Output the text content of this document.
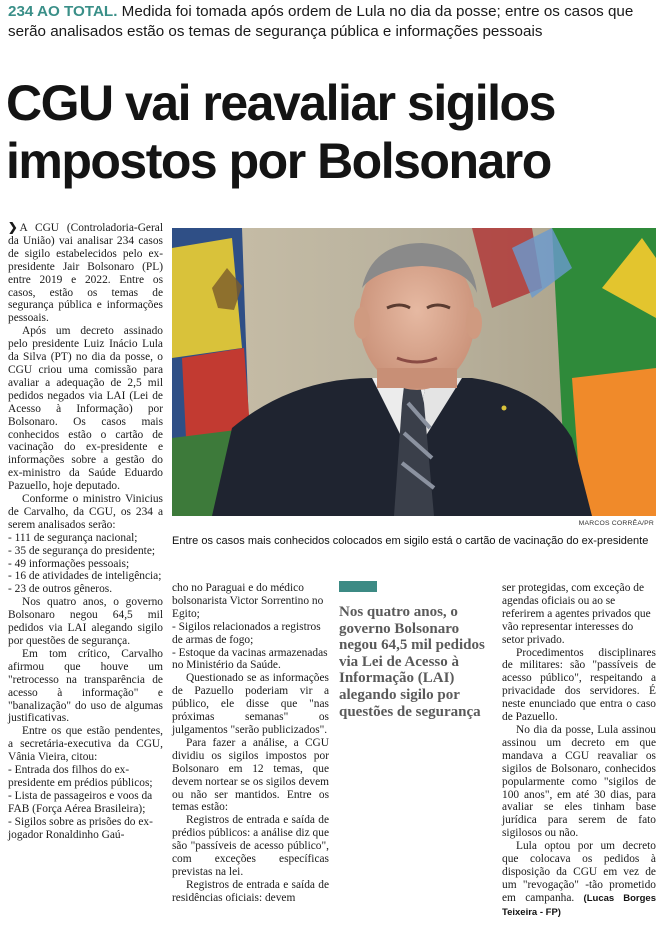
234 AO TOTAL. Medida foi tomada após ordem de Lula no dia da posse; entre os casos que serão analisados estão os temas de segurança pública e informações pessoais
CGU vai reavaliar sigilos
impostos por Bolsonaro

❯ A CGU (Controladoria-Geral da União) vai analisar 234 casos de sigilo estabelecidos pelo ex-presidente Jair Bolsonaro (PL) entre 2019 e 2022. Entre os casos, estão os temas de segurança pública e informações pessoais.

Após um decreto assinado pelo presidente Luiz Inácio Lula da Silva (PT) no dia da posse, o CGU criou uma comissão para avaliar a adequação de 2,5 mil pedidos negados via LAI (Lei de Acesso à Informação) por Bolsonaro. Os casos mais conhecidos estão o cartão de vacinação do ex-presidente e informações sobre a gestão do ex-ministro da Saúde Eduardo Pazuello, hoje deputado.

Conforme o ministro Vinicius de Carvalho, da CGU, os 234 a serem analisados serão:

- 111 de segurança nacional;

- 35 de segurança do presidente;

- 49 informações pessoais;

- 16 de atividades de inteligência;

- 23 de outros gêneros.

Nos quatro anos, o governo Bolsonaro negou 64,5 mil pedidos via LAI alegando sigilo por questões de segurança.

Em tom crítico, Carvalho afirmou que houve um "retrocesso na transparência de acesso à informação" e "banalização" do uso de algumas justificativas.

Entre os que estão pendentes, a secretária-executiva da CGU, Vânia Vieira, citou:

- Entrada dos filhos do ex-presidente em prédios públicos;

- Lista de passageiros e voos da FAB (Força Aérea Brasileira);

- Sigilos sobre as prisões do ex-jogador Ronaldinho Gaú-

MARCOS CORRÊA/PR
Entre os casos mais conhecidos colocados em sigilo está o cartão de vacinação do ex-presidente

cho no Paraguai e do médico bolsonarista Victor Sorrentino no Egito;

- Sigilos relacionados a registros de armas de fogo;

- Estoque da vacinas armazenadas no Ministério da Saúde.

Questionado se as informações de Pazuello poderiam vir a público, ele disse que "nas próximas semanas" os julgamentos "serão publicizados".

Para fazer a análise, a CGU dividiu os sigilos impostos por Bolsonaro em 12 temas, que devem nortear se os sigilos devem ou não ser mantidos. Entre os temas estão:

Registros de entrada e saída de prédios públicos: a análise diz que são "passíveis de acesso público", com exceções específicas previstas na lei.

Registros de entrada e saída de residências oficiais: devem

Nos quatro anos, o governo Bolsonaro negou 64,5 mil pedidos via Lei de Acesso à Informação (LAI) alegando sigilo por questões de segurança

ser protegidas, com exceção de agendas oficiais ou ao se referirem a agentes privados que vão representar interesses do setor privado.

Procedimentos disciplinares de militares: são "passíveis de acesso público", respeitando a privacidade dos servidores. É neste enunciado que entra o caso de Pazuello.

No dia da posse, Lula assinou assinou um decreto em que mandava a CGU reavaliar os sigilos de Bolsonaro, conhecidos popularmente como "sigilos de 100 anos", em até 30 dias, para avaliar se eles tinham base jurídica para serem de fato sigilosos ou não.

Lula optou por um decreto que colocava os pedidos à disposição da CGU em vez de um "revogação" -tão prometido em campanha. (Lucas Borges Teixeira - FP)
